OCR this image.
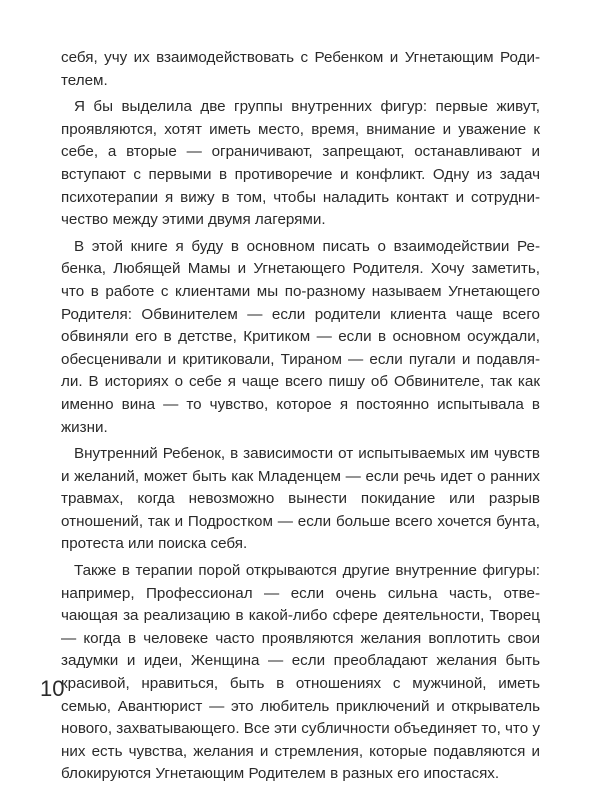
себя, учу их взаимодействовать с Ребенком и Угнетающим Родителем.

Я бы выделила две группы внутренних фигур: первые живут, проявляются, хотят иметь место, время, внимание и уважение к себе, а вторые — ограничивают, запрещают, останавливают и вступают с первыми в противоречие и конфликт. Одну из задач психотерапии я вижу в том, чтобы наладить контакт и сотрудничество между этими двумя лагерями.

В этой книге я буду в основном писать о взаимодействии Ребенка, Любящей Мамы и Угнетающего Родителя. Хочу заметить, что в работе с клиентами мы по-разному называем Угнетающего Родителя: Обвинителем — если родители клиента чаще всего обвиняли его в детстве, Критиком — если в основном осуждали, обесценивали и критиковали, Тираном — если пугали и подавляли. В историях о себе я чаще всего пишу об Обвинителе, так как именно вина — то чувство, которое я постоянно испытывала в жизни.

Внутренний Ребенок, в зависимости от испытываемых им чувств и желаний, может быть как Младенцем — если речь идет о ранних травмах, когда невозможно вынести покидание или разрыв отношений, так и Подростком — если больше всего хочется бунта, протеста или поиска себя.

Также в терапии порой открываются другие внутренние фигуры: например, Профессионал — если очень сильна часть, отвечающая за реализацию в какой-либо сфере деятельности, Творец — когда в человеке часто проявляются желания воплотить свои задумки и идеи, Женщина — если преобладают желания быть красивой, нравиться, быть в отношениях с мужчиной, иметь семью, Авантюрист — это любитель приключений и открыватель нового, захватывающего. Все эти субличности объединяет то, что у них есть чувства, желания и стремления, которые подавляются и блокируются Угнетающим Родителем в разных его ипостасях.

10
